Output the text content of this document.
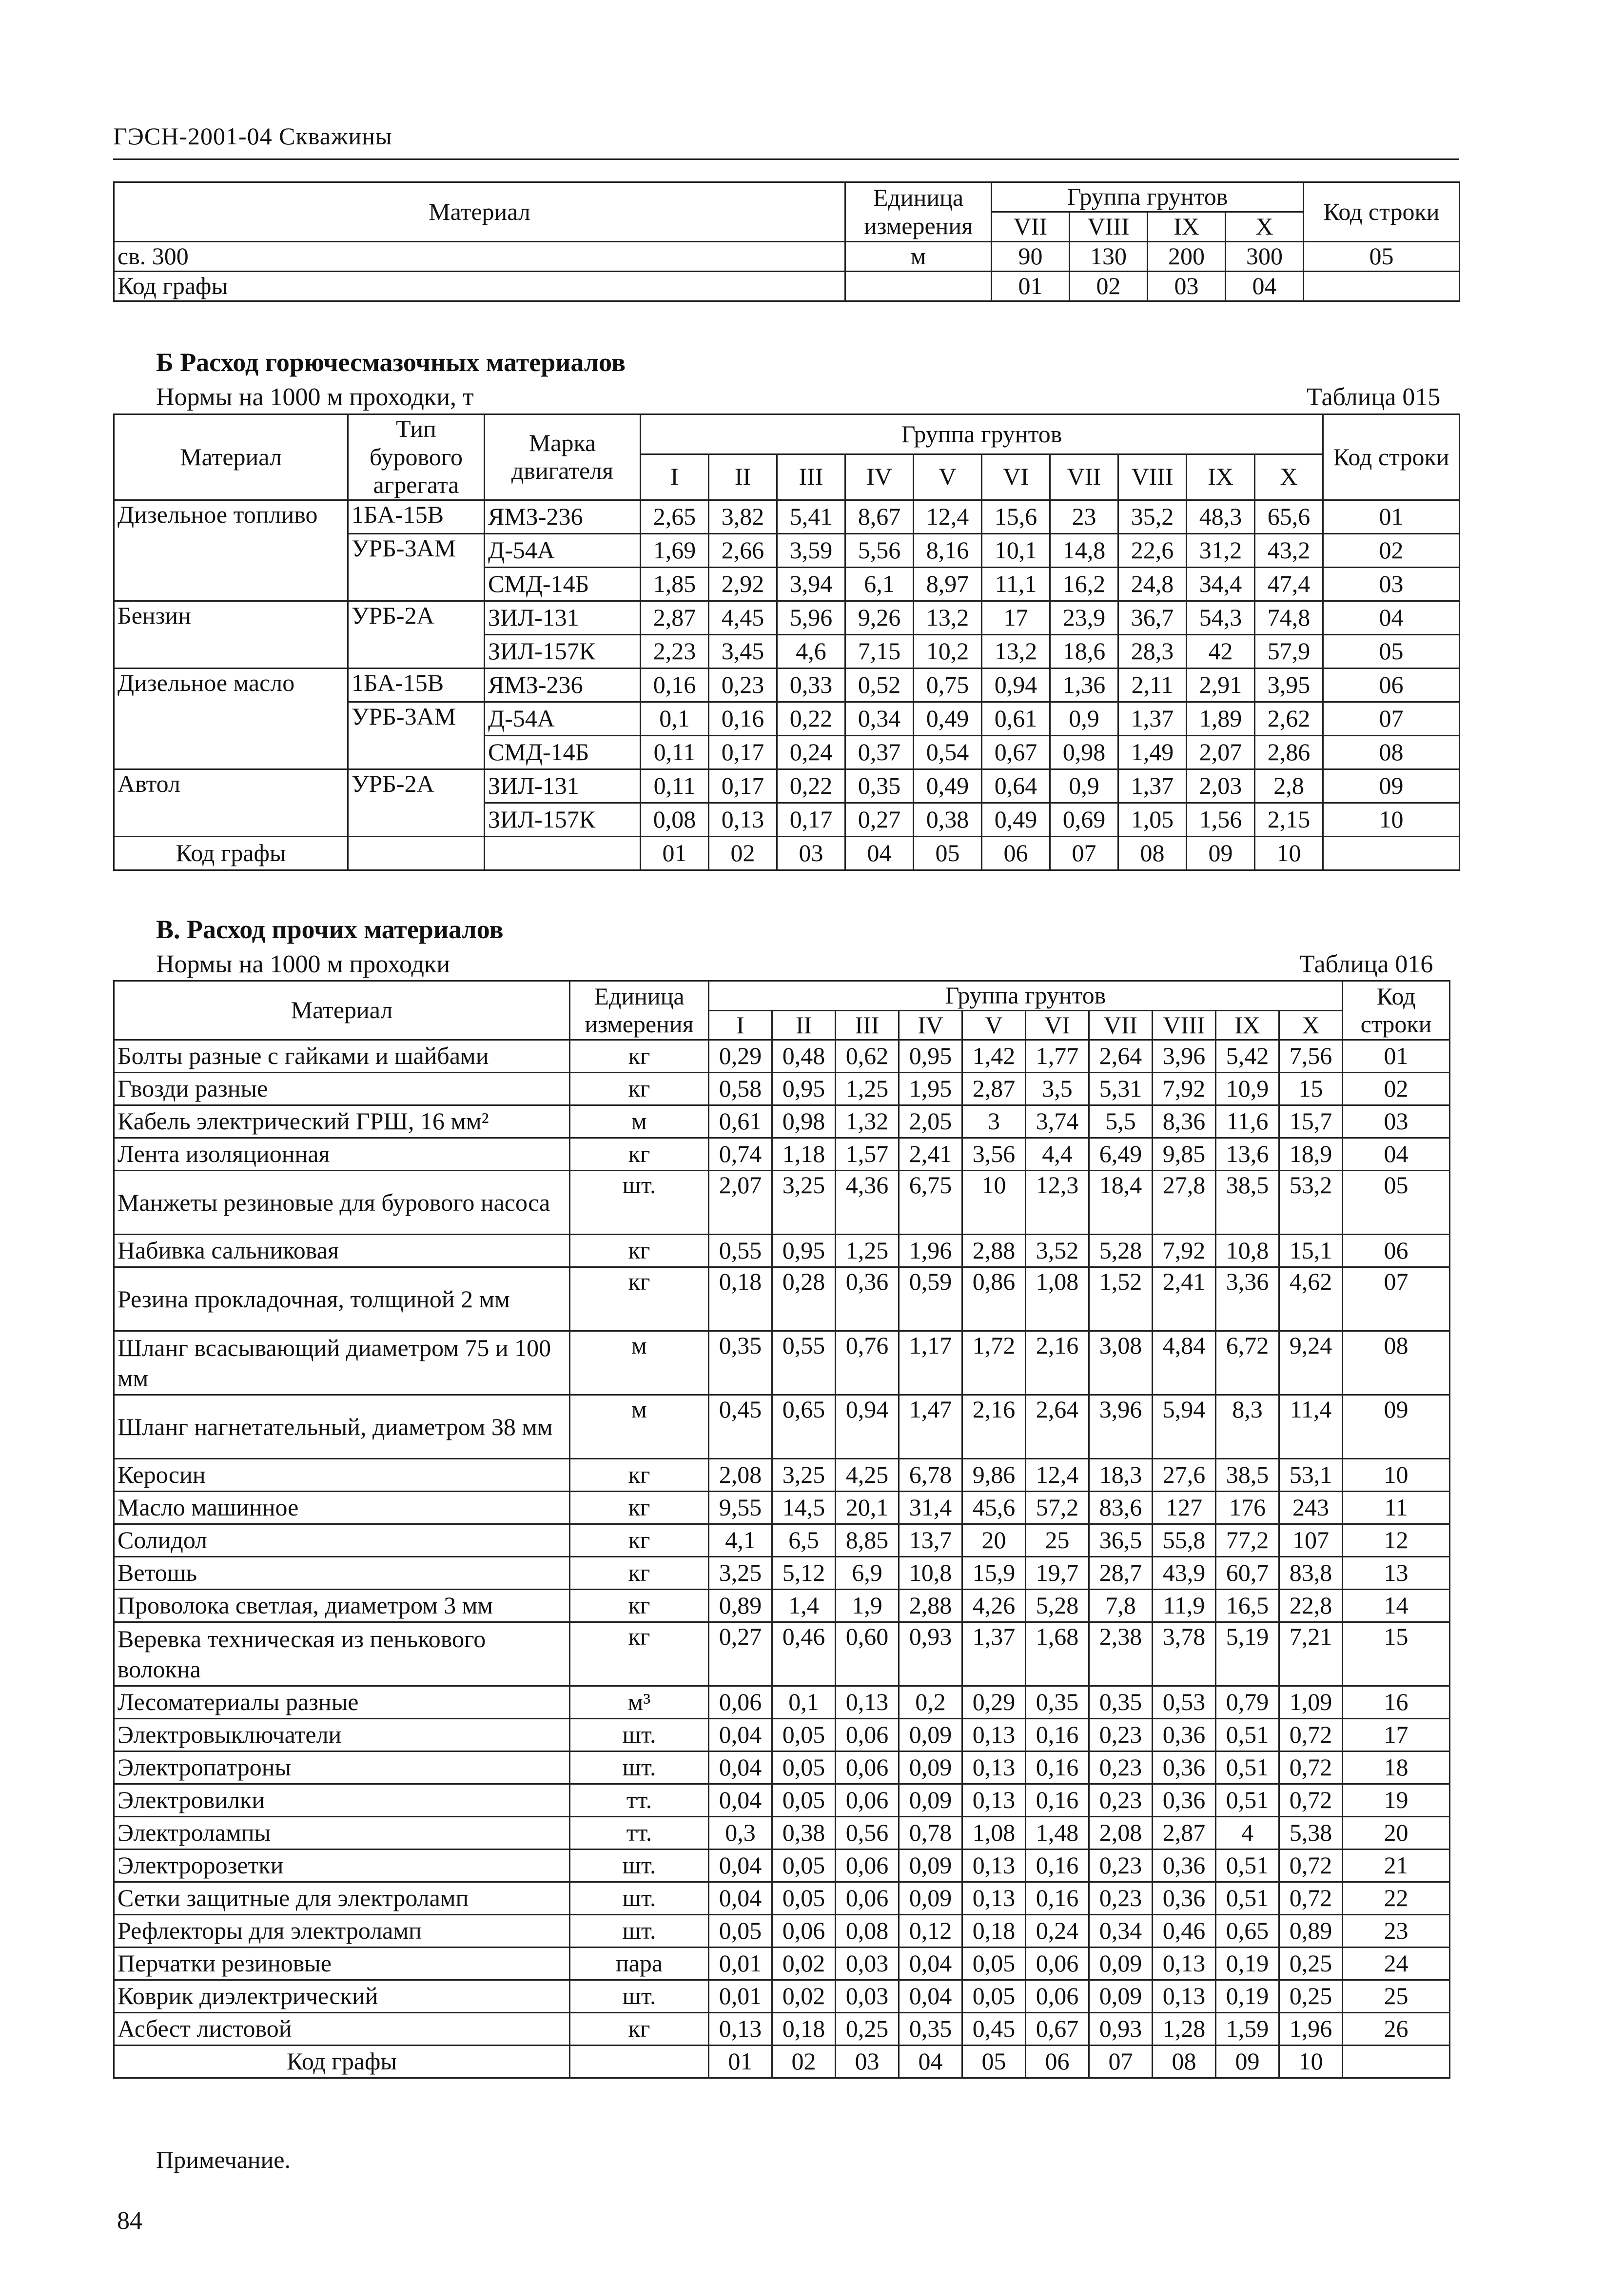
ГЭСН-2001-04 Скважины
Материал	Единица измерения	Группа грунтов				Код строки
		VII	VIII	IX	X	
св. 300	м	90	130	200	300	05
Код графы		01	02	03	04	
Б Расход горючесмазочных материалов
Нормы на 1000 м проходки, т	Таблица 015
Материал	Тип бурового агрегата	Марка двигателя	Группа грунтов										Код строки
			I	II	III	IV	V	VI	VII	VIII	IX	X	
Дизельное топливо	1БА-15В	ЯМЗ-236	2,65	3,82	5,41	8,67	12,4	15,6	23	35,2	48,3	65,6	01
	УРБ-3АМ	Д-54А	1,69	2,66	3,59	5,56	8,16	10,1	14,8	22,6	31,2	43,2	02
		СМД-14Б	1,85	2,92	3,94	6,1	8,97	11,1	16,2	24,8	34,4	47,4	03
Бензин	УРБ-2А	ЗИЛ-131	2,87	4,45	5,96	9,26	13,2	17	23,9	36,7	54,3	74,8	04
		ЗИЛ-157К	2,23	3,45	4,6	7,15	10,2	13,2	18,6	28,3	42	57,9	05
Дизельное масло	1БА-15В	ЯМЗ-236	0,16	0,23	0,33	0,52	0,75	0,94	1,36	2,11	2,91	3,95	06
	УРБ-3АМ	Д-54А	0,1	0,16	0,22	0,34	0,49	0,61	0,9	1,37	1,89	2,62	07
		СМД-14Б	0,11	0,17	0,24	0,37	0,54	0,67	0,98	1,49	2,07	2,86	08
Автол	УРБ-2А	ЗИЛ-131	0,11	0,17	0,22	0,35	0,49	0,64	0,9	1,37	2,03	2,8	09
		ЗИЛ-157К	0,08	0,13	0,17	0,27	0,38	0,49	0,69	1,05	1,56	2,15	10
Код графы			01	02	03	04	05	06	07	08	09	10	
В. Расход прочих материалов
Нормы на 1000 м проходки	Таблица 016
Материал	Единица измерения	Группа грунтов										Код строки
		I	II	III	IV	V	VI	VII	VIII	IX	X	
Болты разные с гайками и шайбами	кг	0,29	0,48	0,62	0,95	1,42	1,77	2,64	3,96	5,42	7,56	01
Гвозди разные	кг	0,58	0,95	1,25	1,95	2,87	3,5	5,31	7,92	10,9	15	02
Кабель электрический ГРШ, 16 мм²	м	0,61	0,98	1,32	2,05	3	3,74	5,5	8,36	11,6	15,7	03
Лента изоляционная	кг	0,74	1,18	1,57	2,41	3,56	4,4	6,49	9,85	13,6	18,9	04
Манжеты резиновые для бурового насоса	шт.	2,07	3,25	4,36	6,75	10	12,3	18,4	27,8	38,5	53,2	05
Набивка сальниковая	кг	0,55	0,95	1,25	1,96	2,88	3,52	5,28	7,92	10,8	15,1	06
Резина прокладочная, толщиной 2 мм	кг	0,18	0,28	0,36	0,59	0,86	1,08	1,52	2,41	3,36	4,62	07
Шланг всасывающий диаметром 75 и 100 мм	м	0,35	0,55	0,76	1,17	1,72	2,16	3,08	4,84	6,72	9,24	08
Шланг нагнетательный, диаметром 38 мм	м	0,45	0,65	0,94	1,47	2,16	2,64	3,96	5,94	8,3	11,4	09
Керосин	кг	2,08	3,25	4,25	6,78	9,86	12,4	18,3	27,6	38,5	53,1	10
Масло машинное	кг	9,55	14,5	20,1	31,4	45,6	57,2	83,6	127	176	243	11
Солидол	кг	4,1	6,5	8,85	13,7	20	25	36,5	55,8	77,2	107	12
Ветошь	кг	3,25	5,12	6,9	10,8	15,9	19,7	28,7	43,9	60,7	83,8	13
Проволока светлая, диаметром 3 мм	кг	0,89	1,4	1,9	2,88	4,26	5,28	7,8	11,9	16,5	22,8	14
Веревка техническая из пенькового волокна	кг	0,27	0,46	0,60	0,93	1,37	1,68	2,38	3,78	5,19	7,21	15
Лесоматериалы разные	м³	0,06	0,1	0,13	0,2	0,29	0,35	0,35	0,53	0,79	1,09	16
Электровыключатели	шт.	0,04	0,05	0,06	0,09	0,13	0,16	0,23	0,36	0,51	0,72	17
Электропатроны	шт.	0,04	0,05	0,06	0,09	0,13	0,16	0,23	0,36	0,51	0,72	18
Электровилки	тт.	0,04	0,05	0,06	0,09	0,13	0,16	0,23	0,36	0,51	0,72	19
Электролампы	тт.	0,3	0,38	0,56	0,78	1,08	1,48	2,08	2,87	4	5,38	20
Электророзетки	шт.	0,04	0,05	0,06	0,09	0,13	0,16	0,23	0,36	0,51	0,72	21
Сетки защитные для электроламп	шт.	0,04	0,05	0,06	0,09	0,13	0,16	0,23	0,36	0,51	0,72	22
Рефлекторы для электроламп	шт.	0,05	0,06	0,08	0,12	0,18	0,24	0,34	0,46	0,65	0,89	23
Перчатки резиновые	пара	0,01	0,02	0,03	0,04	0,05	0,06	0,09	0,13	0,19	0,25	24
Коврик диэлектрический	шт.	0,01	0,02	0,03	0,04	0,05	0,06	0,09	0,13	0,19	0,25	25
Асбест листовой	кг	0,13	0,18	0,25	0,35	0,45	0,67	0,93	1,28	1,59	1,96	26
Код графы		01	02	03	04	05	06	07	08	09	10	
Примечание.
84
